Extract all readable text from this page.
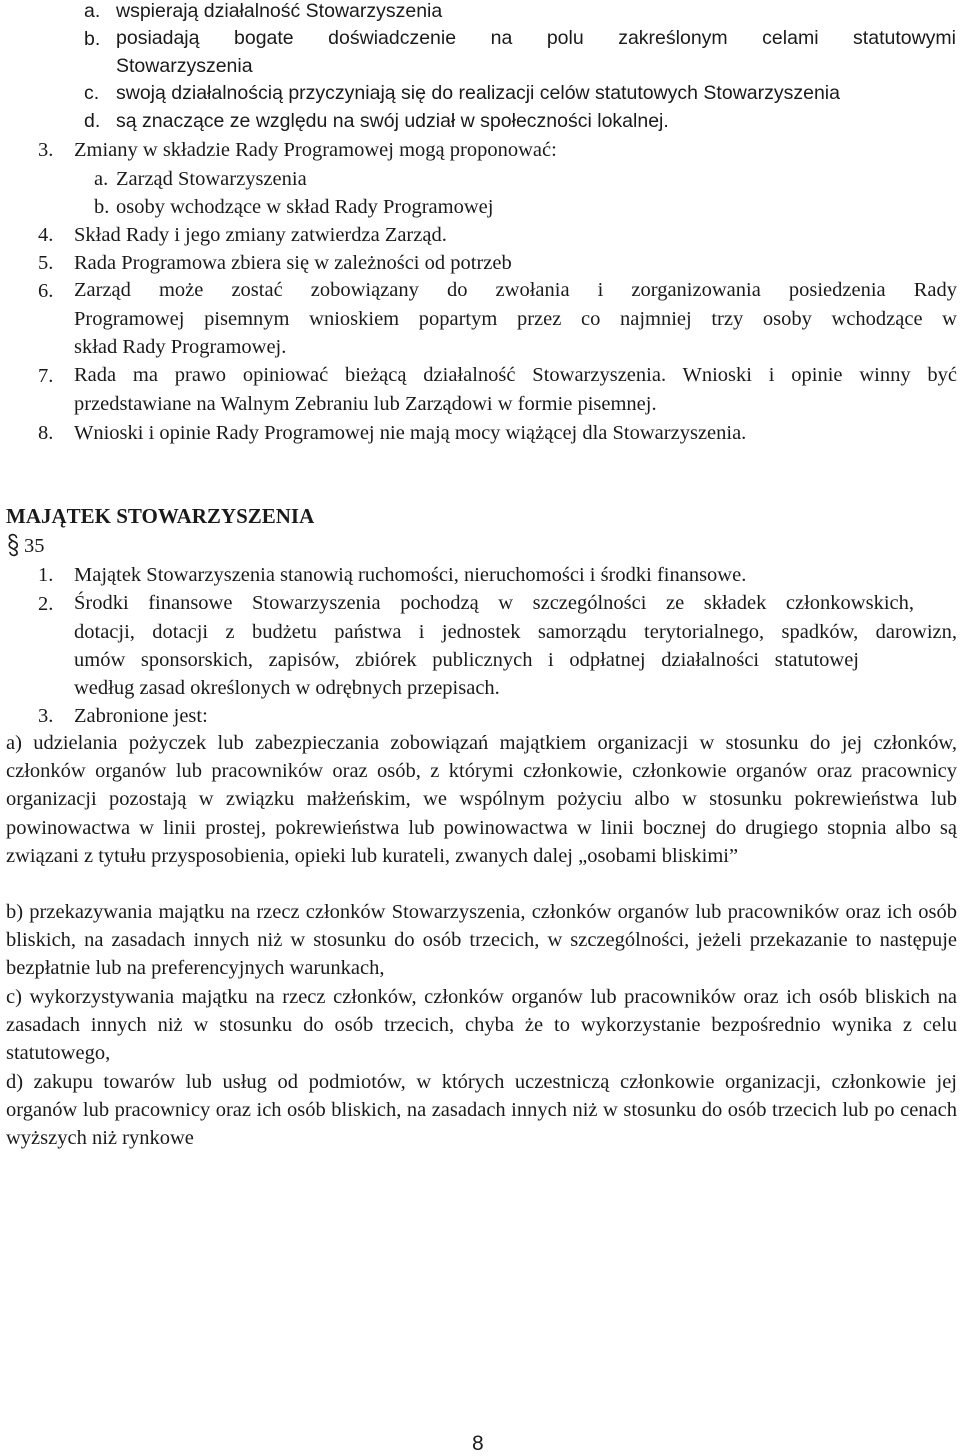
a. wspierają działalność Stowarzyszenia
b. posiadają bogate doświadczenie na polu zakreślonym celami statutowymi
Stowarzyszenia
c. swoją działalnością przyczyniają się do realizacji celów statutowych Stowarzyszenia
d. są znaczące ze względu na swój udział w społeczności lokalnej.
3. Zmiany w składzie Rady Programowej mogą proponować:
a. Zarząd Stowarzyszenia
b. osoby wchodzące w skład Rady Programowej
4. Skład Rady i jego zmiany zatwierdza Zarząd.
5. Rada Programowa zbiera się w zależności od potrzeb
6. Zarząd może zostać zobowiązany do zwołania i zorganizowania posiedzenia Rady
Programowej pisemnym wnioskiem popartym przez co najmniej trzy osoby wchodzące w
skład Rady Programowej.
7. Rada ma prawo opiniować bieżącą działalność Stowarzyszenia. Wnioski i opinie winny być
przedstawiane na Walnym Zebraniu lub Zarządowi w formie pisemnej.
8. Wnioski i opinie Rady Programowej nie mają mocy wiążącej dla Stowarzyszenia.
MAJĄTEK STOWARZYSZENIA
35
1. Majątek Stowarzyszenia stanowią ruchomości, nieruchomości i środki finansowe.
2. Środki finansowe Stowarzyszenia pochodzą w szczególności ze składek członkowskich,
dotacji, dotacji z budżetu państwa i jednostek samorządu terytorialnego, spadków, darowizn,
umów sponsorskich, zapisów, zbiórek publicznych i odpłatnej działalności statutowej
według zasad określonych w odrębnych przepisach.
3. Zabronione jest:
a) udzielania pożyczek lub zabezpieczania zobowiązań majątkiem organizacji w stosunku do jej członków, członków organów lub pracowników oraz osób, z którymi członkowie, członkowie organów oraz pracownicy organizacji pozostają w związku małżeńskim, we wspólnym pożyciu albo w stosunku pokrewieństwa lub powinowactwa w linii prostej, pokrewieństwa lub powinowactwa w linii bocznej do drugiego stopnia albo są związani z tytułu przysposobienia, opieki lub kurateli, zwanych dalej „osobami bliskimi”
b) przekazywania majątku na rzecz członków Stowarzyszenia, członków organów lub pracowników oraz ich osób bliskich, na zasadach innych niż w stosunku do osób trzecich, w szczególności, jeżeli przekazanie to następuje bezpłatnie lub na preferencyjnych warunkach,
c) wykorzystywania majątku na rzecz członków, członków organów lub pracowników oraz ich osób bliskich na zasadach innych niż w stosunku do osób trzecich, chyba że to wykorzystanie bezpośrednio wynika z celu statutowego,
d) zakupu towarów lub usług od podmiotów, w których uczestniczą członkowie organizacji, członkowie jej organów lub pracownicy oraz ich osób bliskich, na zasadach innych niż w stosunku do osób trzecich lub po cenach wyższych niż rynkowe
8
